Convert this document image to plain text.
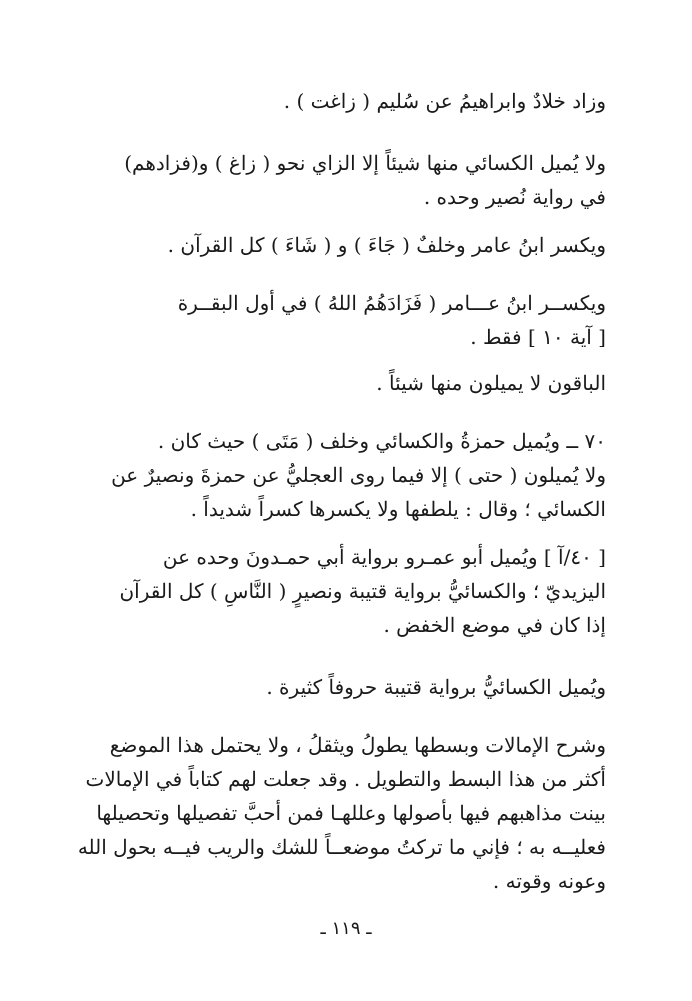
وزاد خلادٌ وابراهيمُ عن سُليم ( زاغت ) .
ولا يُميل الكسائي منها شيئاً إلا الزاي نحو ( زاغ ) و(فزادهم)
في رواية نُصير وحده .
ويكسر ابنُ عامر وخلفٌ ( جَاءَ ) و ( شَاءَ ) كل القرآن .
ويكســر ابنُ عـــامر ( فَزَادَهُمُ اللهُ ) في أول البقــرة
[ آية ١٠ ] فقط .
الباقون لا يميلون منها شيئاً .
٧٠ ــ ويُميل حمزةُ والكسائي وخلف ( مَتَى ) حيث كان .
ولا يُميلون ( حتى ) إلا فيما روى العجليُّ عن حمزةَ ونصيرٌ عن
الكسائي ؛ وقال : يلطفها ولا يكسرها كسراً شديداً .
[ ٤٠/آ ] ويُميل أبو عمـرو برواية أبي حمـدونَ وحده عن
اليزيديّ ؛ والكسائيُّ برواية قتيبة ونصيرٍ ( النَّاسِ ) كل القرآن
إذا كان في موضع الخفض .
ويُميل الكسائيُّ برواية قتيبة حروفاً كثيرة .
وشرح الإمالات وبسطها يطولُ ويثقلُ ، ولا يحتمل هذا الموضع
أكثر من هذا البسط والتطويل . وقد جعلت لهم كتاباً في الإمالات
بينت مذاهبهم فيها بأصولها وعللهـا فمن أحبَّ تفصيلها وتحصيلها
فعليــه به ؛ فإني ما تركتُ موضعــاً للشك والريب فيــه بحول الله
وعونه وقوته .
ـ ١١٩ ـ
